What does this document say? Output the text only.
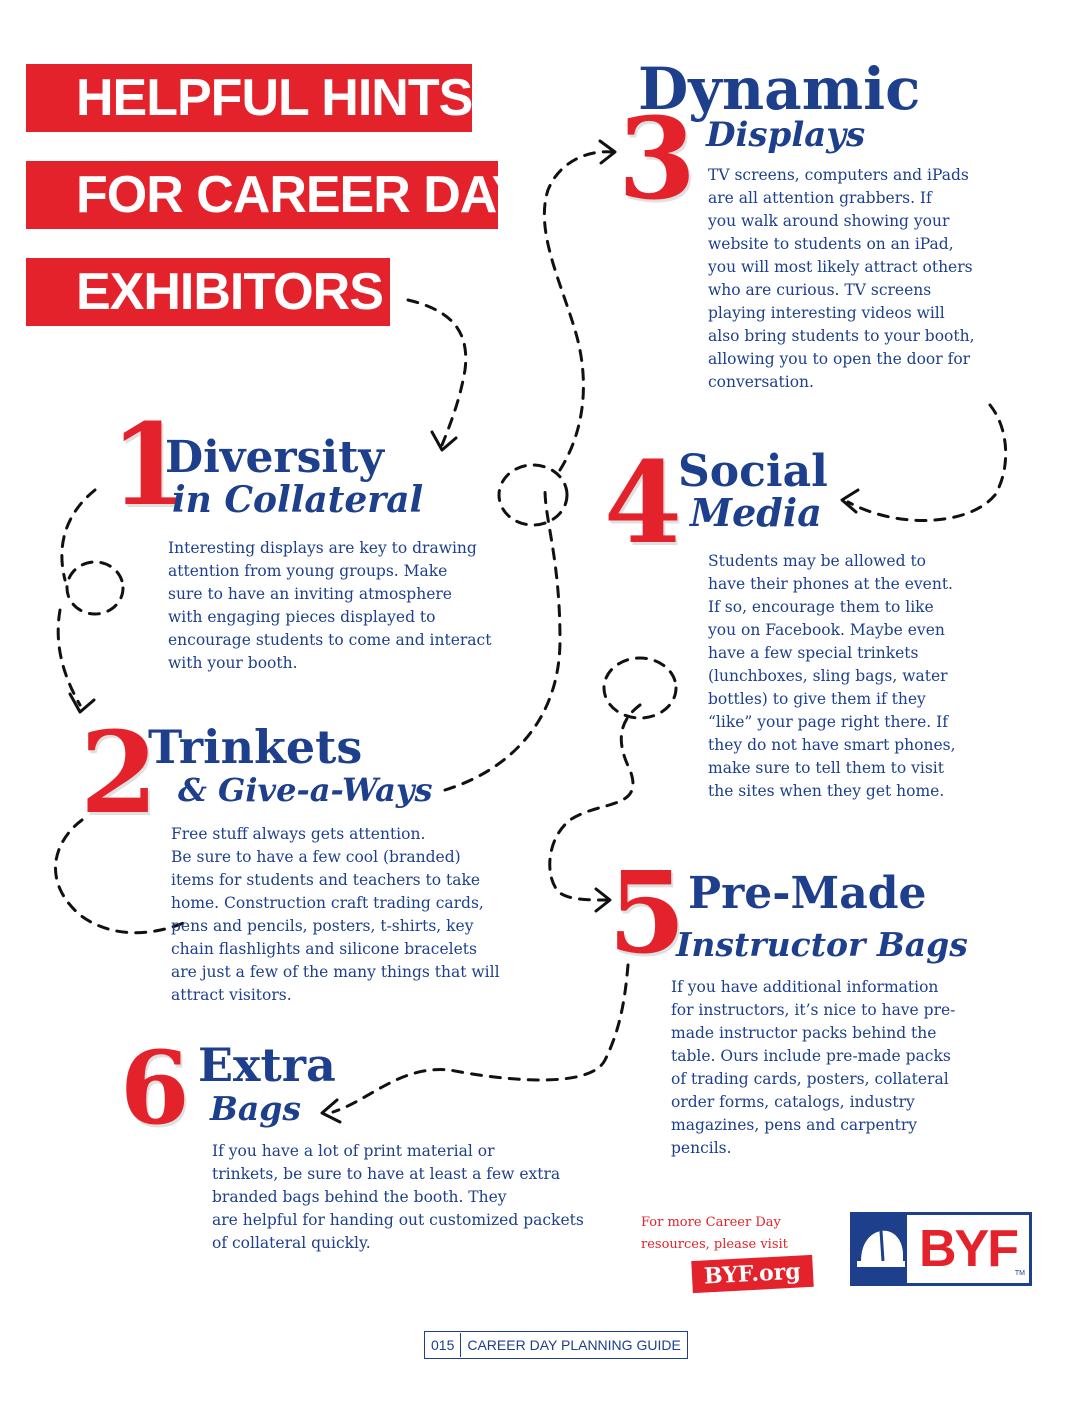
HELPFUL HINTS
FOR CAREER DAY
EXHIBITORS
1
Diversity
in Collateral
Interesting displays are key to drawing
attention from young groups. Make
sure to have an inviting atmosphere
with engaging pieces displayed to
encourage students to come and interact
with your booth.
2
Trinkets
& Give-a-Ways
Free stuff always gets attention.
Be sure to have a few cool (branded)
items for students and teachers to take
home. Construction craft trading cards,
pens and pencils, posters, t-shirts, key
chain flashlights and silicone bracelets
are just a few of the many things that will
attract visitors.
Dynamic
3 Displays
TV screens, computers and iPads
are all attention grabbers. If
you walk around showing your
website to students on an iPad,
you will most likely attract others
who are curious. TV screens
playing interesting videos will
also bring students to your booth,
allowing you to open the door for
conversation.
4
Social
Media
Students may be allowed to
have their phones at the event.
If so, encourage them to like
you on Facebook. Maybe even
have a few special trinkets
(lunchboxes, sling bags, water
bottles) to give them if they
“like” your page right there. If
they do not have smart phones,
make sure to tell them to visit
the sites when they get home.
5 Pre-Made
Instructor Bags
If you have additional information
for instructors, it’s nice to have pre-
made instructor packs behind the
table. Ours include pre-made packs
of trading cards, posters, collateral
order forms, catalogs, industry
magazines, pens and carpentry
pencils.
6 Extra
Bags
If you have a lot of print material or
trinkets, be sure to have at least a few extra
branded bags behind the booth. They
are helpful for handing out customized packets
of collateral quickly.
For more Career Day
resources, please visit
BYF.org BYF
TM
015 CAREER DAY PLANNING GUIDE
